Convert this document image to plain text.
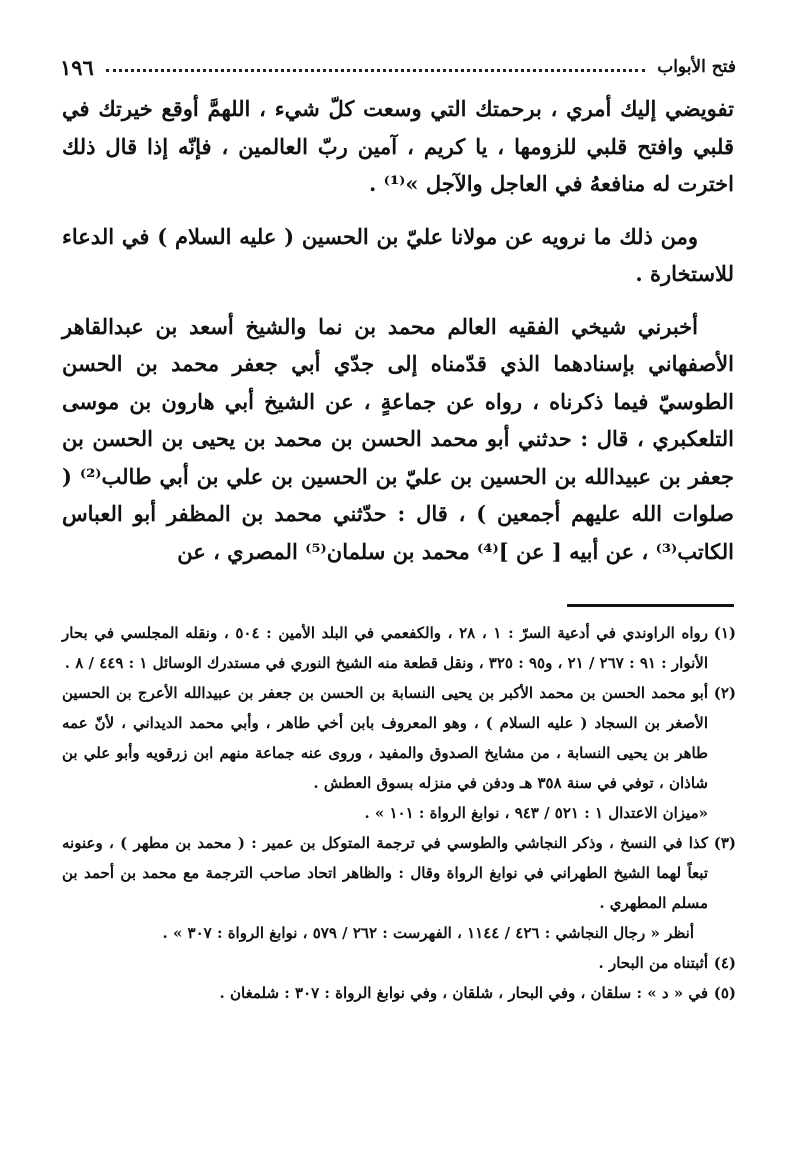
١٩٦	فتح الأبواب

تفويضي إليك أمري ، برحمتك التي وسعت كلّ شيء ، اللهمَّ أوقع خيرتك في قلبي وافتح قلبي للزومها ، يا كريم ، آمين ربّ العالمين ، فإنّه إذا قال ذلك اخترت له منافعهُ في العاجل والآجل »⁽¹⁾ .

ومن ذلك ما نرويه عن مولانا عليّ بن الحسين ( عليه السلام ) في الدعاء للاستخارة .

أخبرني شيخي الفقيه العالم محمد بن نما والشيخ أسعد بن عبدالقاهر الأصفهاني بإسنادهما الذي قدّمناه إلى جدّي أبي جعفر محمد بن الحسن الطوسيّ فيما ذكرناه ، رواه عن جماعةٍ ، عن الشيخ أبي هارون بن موسى التلعكبري ، قال : حدثني أبو محمد الحسن بن محمد بن يحيى بن الحسن بن جعفر بن عبيدالله بن الحسين بن عليّ بن الحسين بن علي بن أبي طالب⁽²⁾ ( صلوات الله عليهم أجمعين ) ، قال : حدّثني محمد بن المظفر أبو العباس الكاتب⁽³⁾ ، عن أبيه [ عن ]⁽⁴⁾ محمد بن سلمان⁽⁵⁾ المصري ، عن

(١)

رواه الراوندي في أدعية السرّ : ١ ، ٢٨ ، والكفعمي في البلد الأمين : ٥٠٤ ، ونقله المجلسي في بحار الأنوار : ٩١ : ٢٦٧ / ٢١ ، و٩٥ : ٣٢٥ ، ونقل قطعة منه الشيخ النوري في مستدرك الوسائل ١ : ٤٤٩ / ٨ .

(٢)

أبو محمد الحسن بن محمد الأكبر بن يحيى النسابة بن الحسن بن جعفر بن عبيدالله الأعرج بن الحسين الأصغر بن السجاد ( عليه السلام ) ، وهو المعروف بابن أخي طاهر ، وأبي محمد الديداني ، لأنّ عمه طاهر بن يحيى النسابة ، من مشايخ الصدوق والمفيد ، وروى عنه جماعة منهم ابن زرقويه وأبو علي بن شاذان ، توفي في سنة ٣٥٨ هـ ودفن في منزله بسوق العطش .

«ميزان الاعتدال ١ : ٥٢١ / ٩٤٣ ، نوابغ الرواة : ١٠١ » .

(٣)

كذا في النسخ ، وذكر النجاشي والطوسي في ترجمة المتوكل بن عمير : ( محمد بن مطهر ) ، وعنونه تبعاً لهما الشيخ الطهراني في نوابغ الرواة وقال : والظاهر اتحاد صاحب الترجمة مع محمد بن أحمد بن مسلم المطهري .

أنظر « رجال النجاشي : ٤٢٦ / ١١٤٤ ، الفهرست : ٢٦٢ / ٥٧٩ ، نوابغ الرواة : ٣٠٧ » .

(٤)

أثبتناه من البحار .

(٥)

في « د » : سلقان ، وفي البحار ، شلقان ، وفي نوابغ الرواة : ٣٠٧ : شلمغان .
